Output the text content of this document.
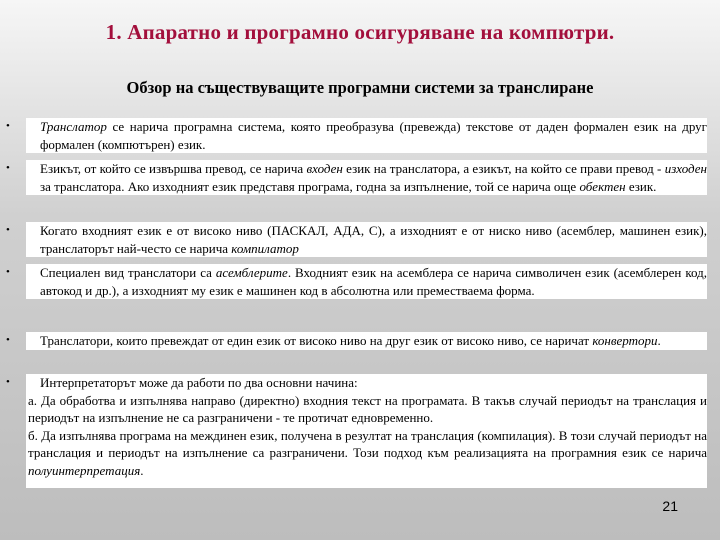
1. Апаратно и програмно осигуряване на компютри.
Обзор на съществуващите програмни системи за транслиране
•	Транслатор се нарича програмна система, която преобразува (превежда) текстове от даден формален език на друг формален (компютърен) език.
•	Езикът, от който се извършва превод, се нарича входен език на транслатора, а езикът, на който се прави превод - изходен за транслатора. Ако изходният език представя програма, годна за изпълнение, той се нарича още обектен език.
•	Когато входният език е от високо ниво (ПАСКАЛ, АДА, С), а изходният е от ниско ниво (асемблер, машинен език), транслаторът най-често се нарича компилатор
•	Специален вид транслатори са асемблерите. Входният език на асемблера се нарича символичен език (асемблерен код, автокод и др.), а изходният му език е машинен код в абсолютна или преместваема форма.
•	Транслатори, които превеждат от един език от високо ниво на друг език от високо ниво, се наричат конвертори.
•	Интерпретаторът може да работи по два основни начина:
а. Да обработва и изпълнява направо (директно) входния текст на програмата. В такъв случай периодът на транслация и периодът на изпълнение не са разграничени - те протичат едновременно.
б. Да изпълнява програма на междинен език, получена в резултат на транслация (компилация). В този случай периодът на транслация и периодът на изпълнение са разграничени. Този подход към реализацията на програмния език се нарича полуинтерпретация.
21
